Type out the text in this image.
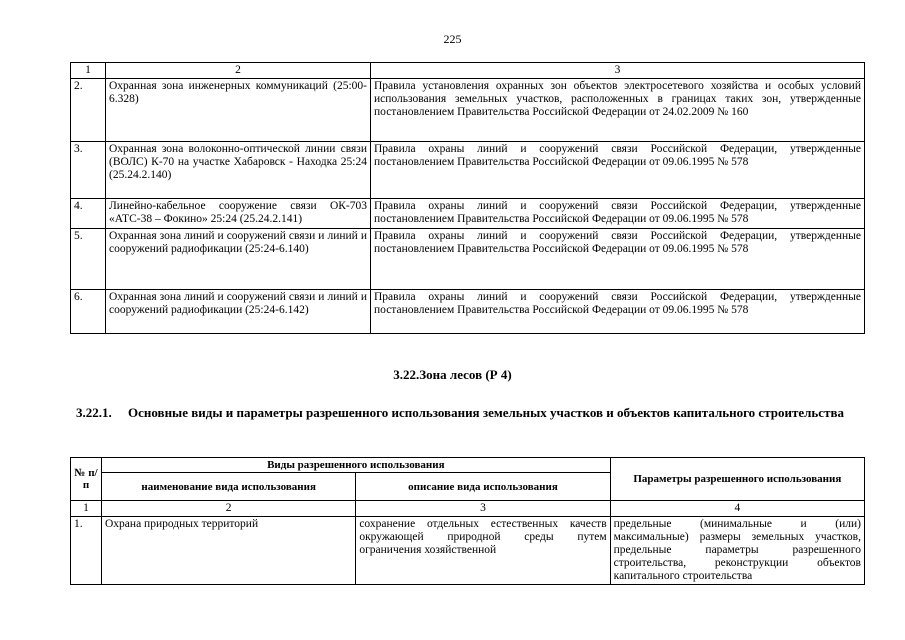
225
1	2	3
2.	Охранная зона инженерных коммуникаций (25:00-6.328)	Правила установления охранных зон объектов электросетевого хозяйства и особых условий использования земельных участков, расположенных в границах таких зон, утвержденные постановлением Правительства Российской Федерации от 24.02.2009 № 160
3.	Охранная зона волоконно-оптической линии связи (ВОЛС) К-70 на участке Хабаровск - Находка 25:24 (25.24.2.140)	Правила охраны линий и сооружений связи Российской Федерации, утвержденные постановлением Правительства Российской Федерации от 09.06.1995 № 578
4.	Линейно-кабельное сооружение связи ОК-703 «АТС-38 – Фокино» 25:24 (25.24.2.141)	Правила охраны линий и сооружений связи Российской Федерации, утвержденные постановлением Правительства Российской Федерации от 09.06.1995 № 578
5.	Охранная зона линий и сооружений связи и линий и сооружений радиофикации (25:24-6.140)	Правила охраны линий и сооружений связи Российской Федерации, утвержденные постановлением Правительства Российской Федерации от 09.06.1995 № 578
6.	Охранная зона линий и сооружений связи и линий и сооружений радиофикации (25:24-6.142)	Правила охраны линий и сооружений связи Российской Федерации, утвержденные постановлением Правительства Российской Федерации от 09.06.1995 № 578
3.22.Зона лесов (Р 4)
3.22.1. Основные виды и параметры разрешенного использования земельных участков и объектов капитального строительства
№ п/п	Виды разрешенного использования		Параметры разрешенного использования
	наименование вида использования	описание вида использования	
1	2	3	4
1.	Охрана природных территорий	сохранение отдельных естественных качеств окружающей природной среды путем ограничения хозяйственной	предельные (минимальные и (или) максимальные) размеры земельных участков, предельные параметры разрешенного строительства, реконструкции объектов капитального строительства
